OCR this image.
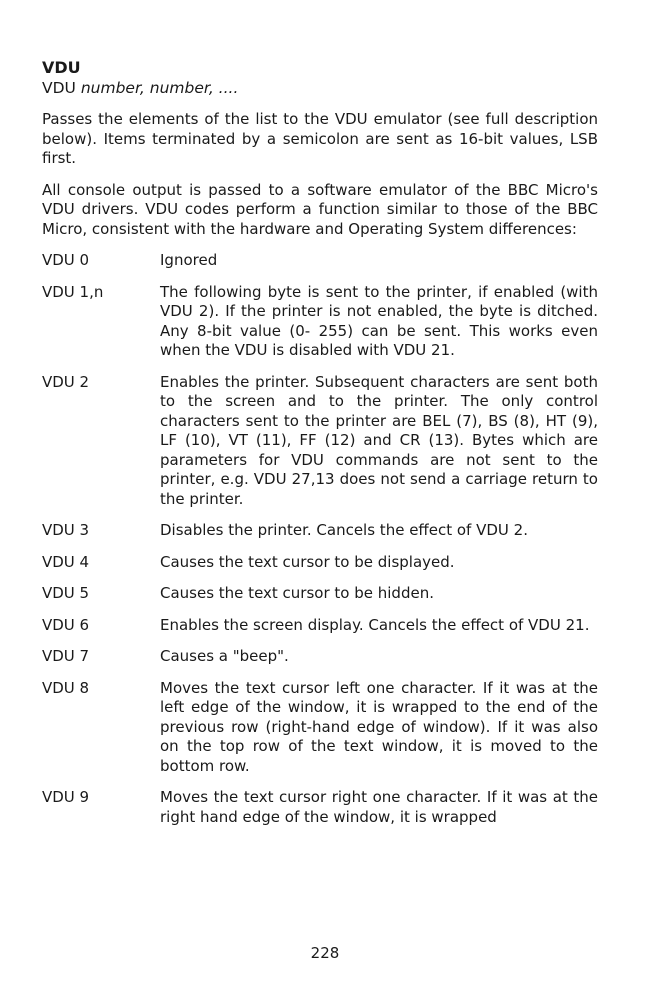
VDU
VDU number, number, ....

Passes the elements of the list to the VDU emulator (see full description below). Items terminated by a semicolon are sent as 16-bit values, LSB first.

All console output is passed to a software emulator of the BBC Micro's VDU drivers. VDU codes perform a function similar to those of the BBC Micro, consistent with the hardware and Operating System differences:

VDU 0	Ignored

VDU 1,n	The following byte is sent to the printer, if enabled (with VDU 2). If the printer is not enabled, the byte is ditched. Any 8-bit value (0- 255) can be sent. This works even when the VDU is disabled with VDU 21.

VDU 2	Enables the printer. Subsequent characters are sent both to the screen and to the printer. The only control characters sent to the printer are BEL (7), BS (8), HT (9), LF (10), VT (11), FF (12) and CR (13). Bytes which are parameters for VDU commands are not sent to the printer, e.g. VDU 27,13 does not send a carriage return to the printer.

VDU 3	Disables the printer. Cancels the effect of VDU 2.

VDU 4	Causes the text cursor to be displayed.

VDU 5	Causes the text cursor to be hidden.

VDU 6	Enables the screen display. Cancels the effect of VDU 21.

VDU 7	Causes a "beep".

VDU 8	Moves the text cursor left one character. If it was at the left edge of the window, it is wrapped to the end of the previous row (right-hand edge of window). If it was also on the top row of the text window, it is moved to the bottom row.

VDU 9	Moves the text cursor right one character. If it was at the right hand edge of the window, it is wrapped

228
